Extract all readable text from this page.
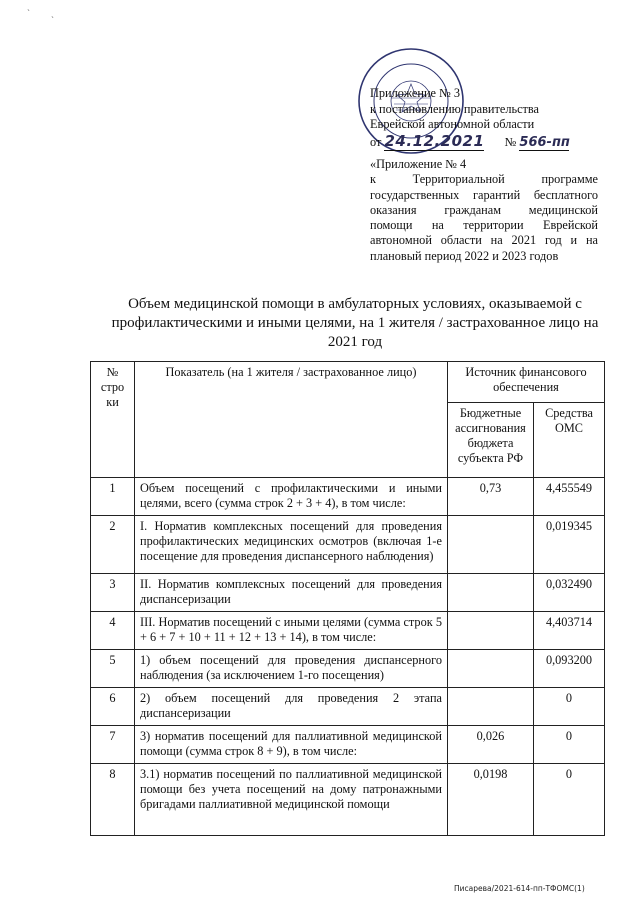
ˋ ˎ
Приложение № 3
к постановлению правительства
Еврейской автономной области
от 24.12.2021 № 566-пп
«Приложение № 4
к Территориальной программе
государственных гарантий бесплатного
оказания гражданам медицинской
помощи на территории Еврейской
автономной области на 2021 год и на
плановый период 2022 и 2023 годов
Объем медицинской помощи в амбулаторных условиях, оказываемой с профилактическими и иными целями, на 1 жителя / застрахованное лицо на 2021 год
№
стро
ки	Показатель (на 1 жителя / застрахованное лицо)	Источник финансового обеспечения	
		Бюджетные ассигнования бюджета субъекта РФ	Средства ОМС
1	Объем посещений с профилактическими и иными целями, всего (сумма строк 2 + 3 + 4), в том числе:	0,73	4,455549
2	I. Норматив комплексных посещений для проведения профилактических медицинских осмотров (включая 1-е посещение для проведения диспансерного наблюдения)		0,019345
3	II. Норматив комплексных посещений для проведения диспансеризации		0,032490
4	III. Норматив посещений с иными целями (сумма строк 5 + 6 + 7 + 10 + 11 + 12 + 13 + 14), в том числе:		4,403714
5	1) объем посещений для проведения диспансерного наблюдения (за исключением 1-го посещения)		0,093200
6	2) объем посещений для проведения 2 этапа диспансеризации		0
7	3) норматив посещений для паллиативной медицинской помощи (сумма строк 8 + 9), в том числе:	0,026	0
8	3.1) норматив посещений по паллиативной медицинской помощи без учета посещений на дому патронажными бригадами паллиативной медицинской помощи	0,0198	0
Писарева/2021-614-пп-ТФОМС(1)
